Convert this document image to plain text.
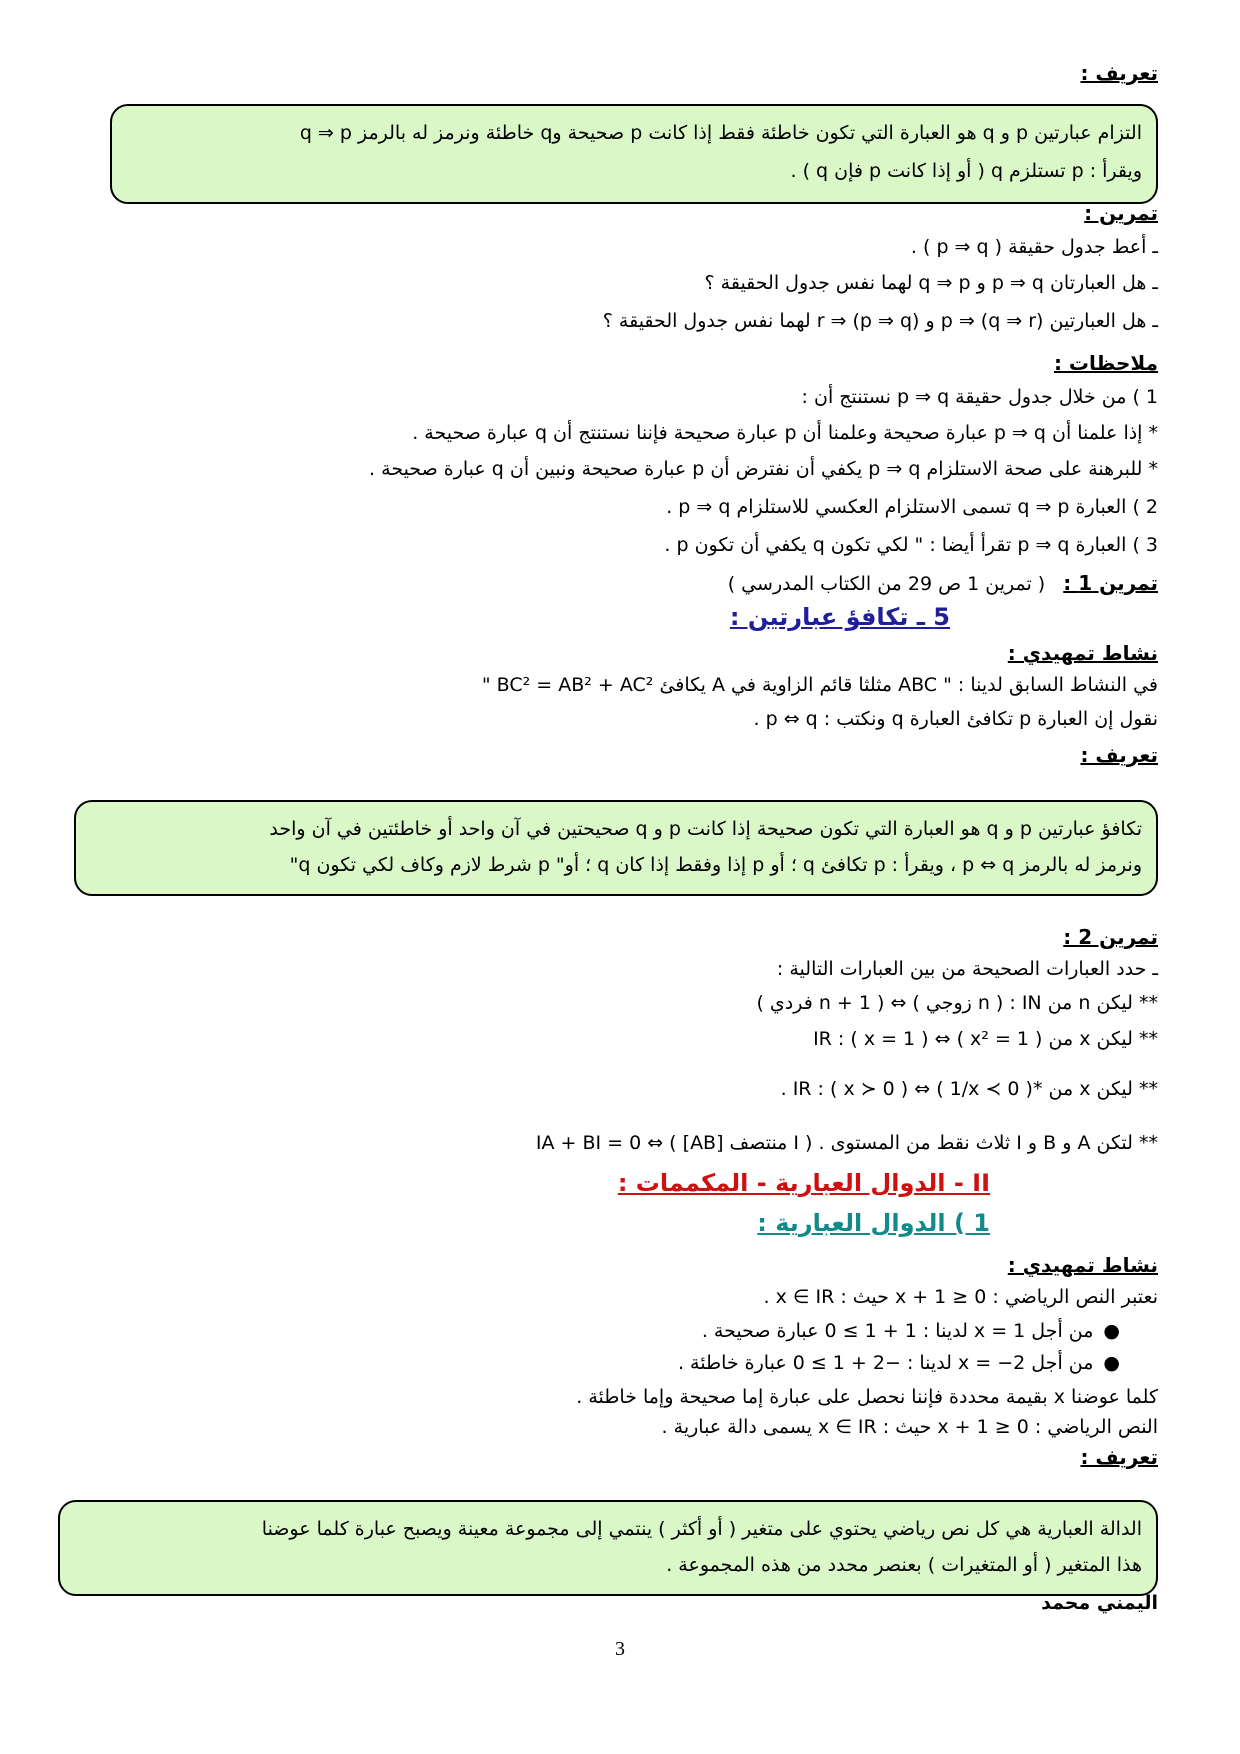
تعريف :
التزام عبارتين p و q هو العبارة التي تكون خاطئة فقط إذا كانت p صحيحة وq خاطئة ونرمز له بالرمز q ⇒ p
ويقرأ : p تستلزم q ( أو إذا كانت p فإن q ) .
تمرين :
ـ أعط جدول حقيقة ( p ⇒ q ) .
ـ هل العبارتان p ⇒ q و q ⇒ p لهما نفس جدول الحقيقة ؟
ـ هل العبارتين p ⇒ (q ⇒ r) و (p ⇒ q) ⇒ r لهما نفس جدول الحقيقة ؟
ملاحظات :
1 ) من خلال جدول حقيقة p ⇒ q نستنتج أن :
* إذا علمنا أن p ⇒ q عبارة صحيحة وعلمنا أن p عبارة صحيحة فإننا نستنتج أن q عبارة صحيحة .
* للبرهنة على صحة الاستلزام p ⇒ q يكفي أن نفترض أن p عبارة صحيحة ونبين أن q عبارة صحيحة .
2 ) العبارة q ⇒ p تسمى الاستلزام العكسي للاستلزام p ⇒ q .
3 ) العبارة p ⇒ q تقرأ أيضا : " لكي تكون q يكفي أن تكون p .
تمرين 1 : ( تمرين 1 ص 29 من الكتاب المدرسي )
5 ـ تكافؤ عبارتين :
نشاط تمهيدي :
في النشاط السابق لدينا : " ABC مثلثا قائم الزاوية في A يكافئ BC² = AB² + AC² "
نقول إن العبارة p تكافئ العبارة q ونكتب : p ⇔ q .
تعريف :
تكافؤ عبارتين p و q هو العبارة التي تكون صحيحة إذا كانت p و q صحيحتين في آن واحد أو خاطئتين في آن واحد
ونرمز له بالرمز p ⇔ q ، ويقرأ : p تكافئ q ؛ أو p إذا وفقط إذا كان q ؛ أو" p شرط لازم وكاف لكي تكون q"
تمرين 2 :
ـ حدد العبارات الصحيحة من بين العبارات التالية :
** ليكن n من IN : ( n زوجي ) ⇔ ( n + 1 فردي )
** ليكن x من IR : ( x = 1 ) ⇔ ( x² = 1 )
** ليكن x من *IR : ( x ≻ 0 ) ⇔ ( 1/x ≺ 0 ) .
** لتكن A و B و I ثلاث نقط من المستوى . ( I منتصف [AB] ) ⇔ IA + BI = 0
II - الدوال العبارية - المكممات :
1 ) الدوال العبارية :
نشاط تمهيدي :
نعتبر النص الرياضي : x + 1 ≥ 0 حيث : x ∈ IR .
●من أجل x = 1 لدينا : 1 + 1 ≥ 0 عبارة صحيحة .
●من أجل x = −2 لدينا : −2 + 1 ≥ 0 عبارة خاطئة .
كلما عوضنا x بقيمة محددة فإننا نحصل على عبارة إما صحيحة وإما خاطئة .
النص الرياضي : x + 1 ≥ 0 حيث : x ∈ IR يسمى دالة عبارية .
تعريف :
الدالة العبارية هي كل نص رياضي يحتوي على متغير ( أو أكثر ) ينتمي إلى مجموعة معينة ويصبح عبارة كلما عوضنا
هذا المتغير ( أو المتغيرات ) بعنصر محدد من هذه المجموعة .
اليمني محمد
3
